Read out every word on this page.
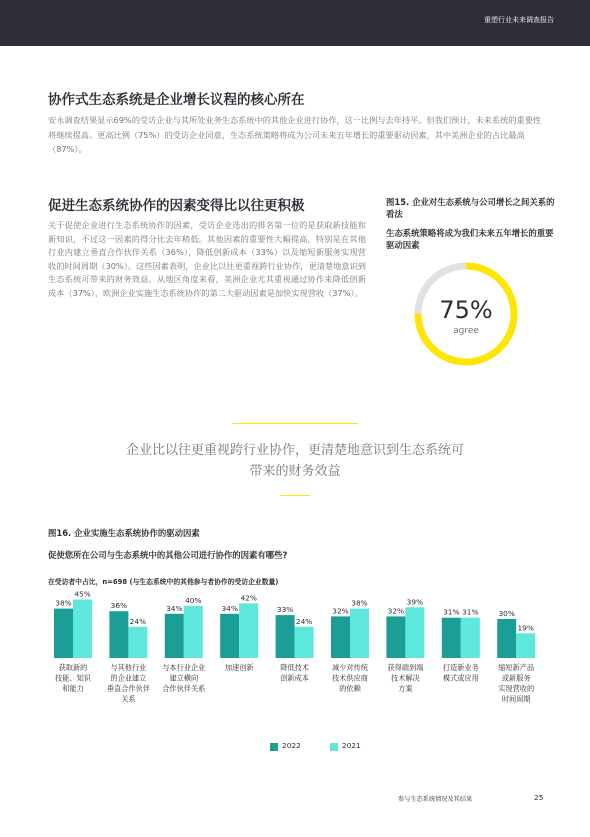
重塑行业未来调查报告
协作式生态系统是企业增长议程的核心所在
安永调查结果显示69%的受访企业与其所处业务生态系统中的其他企业进行协作，这一比例与去年持平。但我们预计，未来系统的重要性将继续提高。更高比例（75%）的受访企业同意，生态系统策略将成为公司未来五年增长的重要驱动因素，其中美洲企业的占比最高（87%）。
促进生态系统协作的因素变得比以往更积极
关于促使企业进行生态系统协作的因素，受访企业选出的排名第一位的是获取新技能和新知识，不过这一因素的得分比去年稍低。其他因素的重要性大幅提高，特别是在其他行业内建立垂直合作伙伴关系（36%），降低创新成本（33%）以及缩短新服务实现营收的时间周期（30%）。这些因素表明，企业比以往更重视跨行业协作，更清楚地意识到生态系统可带来的财务效益。从地区角度来看，美洲企业尤其重视通过协作来降低创新成本（37%），欧洲企业实施生态系统协作的第二大驱动因素是加快实现营收（37%）。
图15. 企业对生态系统与公司增长之间关系的看法
生态系统策略将成为我们未来五年增长的重要驱动因素
75%
agree
企业比以往更重视跨行业协作，更清楚地意识到生态系统可带来的财务效益
图16. 企业实施生态系统协作的驱动因素
促使您所在公司与生态系统中的其他公司进行协作的因素有哪些?
在受访者中占比，n=698 (与生态系统中的其他参与者协作的受访企业数量)
38%
45%
获取新的
技能、知识
和能力
36%
24%
与其他行业
的企业建立
垂直合作伙伴
关系
34%
40%
与本行业企业
建立横向
合作伙伴关系
34%
42%
加速创新
33%
24%
降低技术
创新成本
32%
38%
减少对传统
技术供应商
的依赖
32%
39%
获得端到端
技术解决
方案
31% 31%
打造新业务
模式或应用
30%
19%
缩短新产品
或新服务
实现营收的
时间周期
2022	2021
参与生态系统情况及其结果	25
